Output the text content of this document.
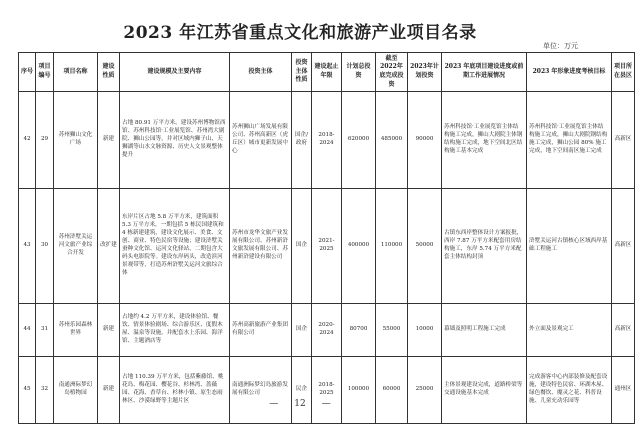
2023 年江苏省重点文化和旅游产业项目名录
单位：万元
序号	项目编号	项目名称	建设性质	建设规模及主要内容	投资主体	投资主体性质	建设起止年限	计划总投资	截至2022年底完成投资	2023年计划投资	2023 年底项目建设进度或前期工作进展情况	2023 年形象进度考核目标	项目所在县区
42	29	苏州狮山文化广场	新建	占地 80.91 万平方米，建设苏州博物馆西馆、苏州科技馆·工业展览馆、苏州湾大剧院、狮山公园等，并对区域内狮子山、天狮湖等山水文脉资源、历史人文景观整体提升	苏州狮山广场发展有限公司、苏州高新区（虎丘区）城市更新发展中心	国企/政府	2018-2024	620000	485000	90000	苏州科技馆·工业展览馆主体结构施工完成，狮山大剧院主体钢结构施工完成，地下空间北区结构施工基本完成	苏州科技馆·工业展览馆主体结构施工完成，狮山大剧院钢结构施工完成，狮山公园 80% 施工完成，地下空间南区施工完成	高新区
43	30	苏州浒墅关运河文旅产业综合开发	改扩建	东岸片区占地 5.8 万平方米，建筑面积 5.3 万平方米，一期包括 5 栋民国建筑和 4 栋新建建筑，建设文化展示、美食、文创、商业、特色民宿等设施；建设浒墅关蚕种文化馆、运河文化驿站、二期包含大码头电影院等。建设东岸码头，改造滨河景观带等，打造苏州浒墅关运河文旅综合体	苏州市龙华文旅产业发展有限公司、苏州新浒文旅发展有限公司、苏州新浒建设有限公司	国企	2021-2025	400000	110000	50000	古镇东西岸整体设计方案报批，西岸 7.87 万平方米配套用房结构施工，东岸 5.74 万平方米配套主体结构封顶	浒墅关运河古镇核心区域西岸基础工程施工	高新区
44	31	苏州乐园森林世界	新建	占地约 4.2 万平方米，建设体验馆、餐饮、情景体验剧场、综合游乐区、度假木屋、温泉等设施，并配套水上乐园、海洋馆、主题酒店等	苏州高新旅游产业集团有限公司	国企	2020-2024	80700	55000	10000	幕墙及照明工程施工完成	外立面及景观完工	高新区
45	32	南通洲际梦幻岛植物园	新建	占地 110.39 万平方米，包括紫藤馆、桃花岛、梅花园、樱花谷、杉林湾、蔷薇园、花海、香草台、杉林小镇、原生态雨林区、沙漠绿野等主题片区	南通洲际梦幻岛旅游发展有限公司	民企	2018-2025	100000	60000	25000	主体景观建设完成，道路桥梁等交通设施基本完成	完成游客中心内部装修及配套设施，建设特色民宿、环湖木屋、绿色餐饮、魔灵之花、科普设施、儿童充动乐园等	通州区
— 12 —
